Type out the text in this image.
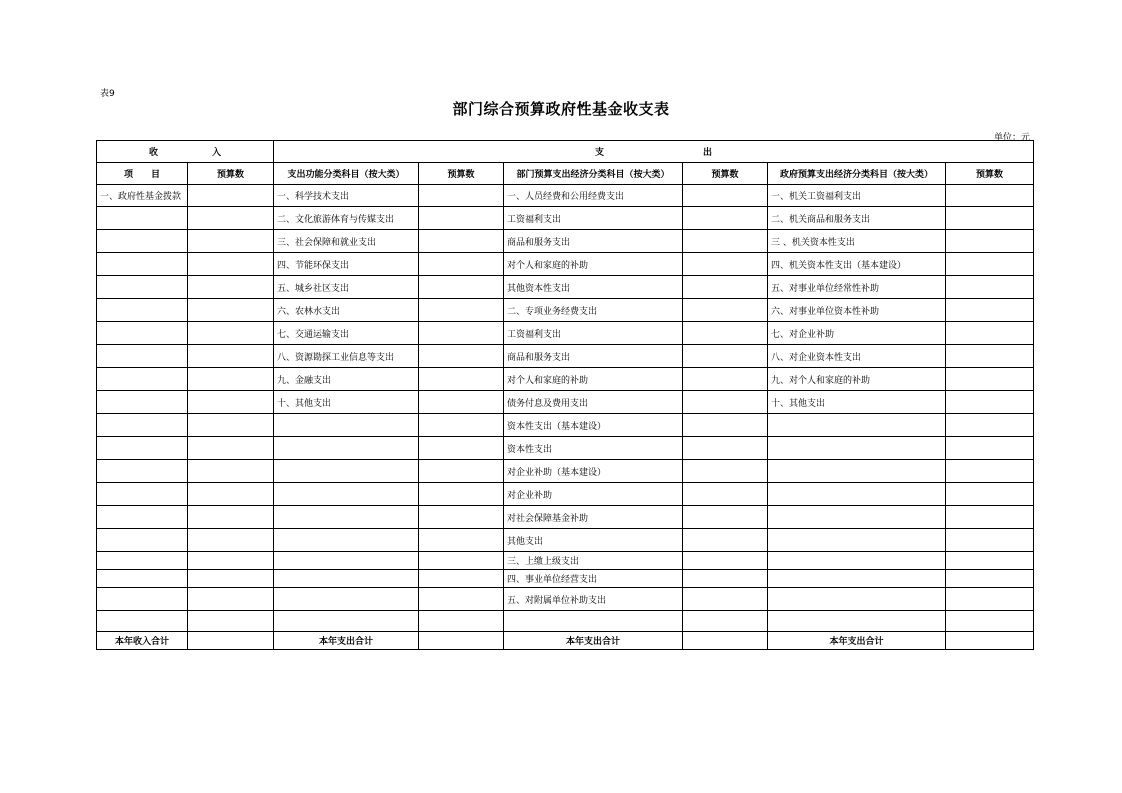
表9
部门综合预算政府性基金收支表
单位：元
收　　　　　　入		支　　　　　　　　　　　出					
项　　目	预算数	支出功能分类科目（按大类）	预算数	部门预算支出经济分类科目（按大类）	预算数	政府预算支出经济分类科目（按大类）	预算数
一、政府性基金拨款		一、科学技术支出		一、人员经费和公用经费支出		一、机关工资福利支出	
		二、文化旅游体育与传媒支出		工资福利支出		二、机关商品和服务支出	
		三、社会保障和就业支出		商品和服务支出		三 、机关资本性支出	
		四、节能环保支出		对个人和家庭的补助		四、机关资本性支出（基本建设）	
		五、城乡社区支出		其他资本性支出		五、对事业单位经常性补助	
		六、农林水支出		二、专项业务经费支出		六、对事业单位资本性补助	
		七、交通运输支出		工资福利支出		七、对企业补助	
		八、资源勘探工业信息等支出		商品和服务支出		八、对企业资本性支出	
		九、金融支出		对个人和家庭的补助		九、对个人和家庭的补助	
		十、其他支出		债务付息及费用支出		十、其他支出	
				资本性支出（基本建设）			
				资本性支出			
				对企业补助（基本建设）			
				对企业补助			
				对社会保障基金补助			
				其他支出			
				三、上缴上级支出			
				四、事业单位经营支出			
				五、对附属单位补助支出			

本年收入合计		本年支出合计		本年支出合计		本年支出合计	
